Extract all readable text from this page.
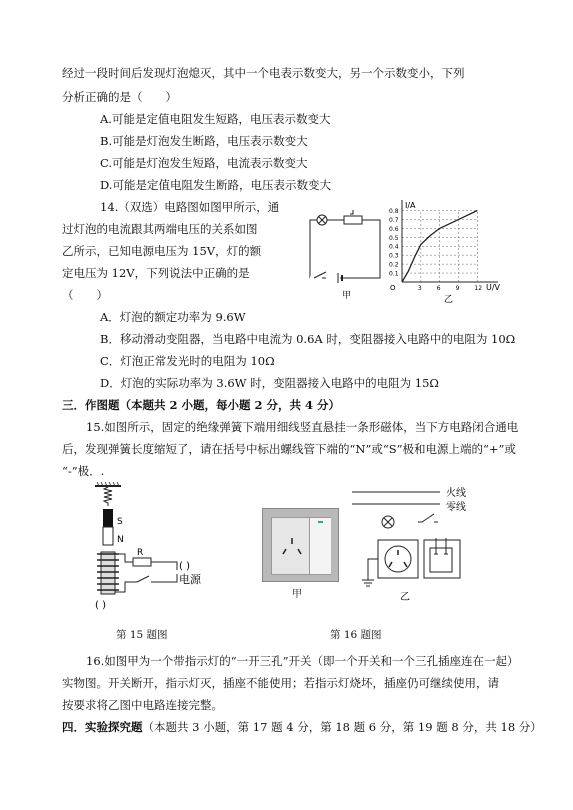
经过一段时间后发现灯泡熄灭，其中一个电表示数变大，另一个示数变小，下列
分析正确的是（　　）
A.可能是定值电阻发生短路，电压表示数变大
B.可能是灯泡发生断路，电压表示数变大
C.可能是灯泡发生短路，电流表示数变大
D.可能是定值电阻发生断路，电压表示数变大
14.（双选）电路图如图甲所示，通
过灯泡的电流跟其两端电压的关系如图
乙所示，已知电源电压为 15V，灯的额
定电压为 12V，下列说法中正确的是
（　　）	甲
0.8
0.7
0.6
0.5
0.4
0.3
0.2
0.1
3	6	9	12
I/A
U/V
O
乙
A．灯泡的额定功率为 9.6W
B．移动滑动变阻器，当电路中电流为 0.6A 时，变阻器接入电路中的电阻为 10Ω
C．灯泡正常发光时的电阻为 10Ω
D．灯泡的实际功率为 3.6W 时，变阻器接入电路中的电阻为 15Ω
三．作图题（本题共 2 小题，每小题 2 分，共 4 分）
15.如图所示，固定的绝缘弹簧下端用细线竖直悬挂一条形磁体，当下方电路闭合通电
后，发现弹簧长度缩短了，请在括号中标出螺线管下端的“N”或“S”极和电源上端的“+”或
“-”极．.
S
N
R
( )
电源
( )
甲
火线
零线
乙
第 15 题图	第 16 题图
16.如图甲为一个带指示灯的“一开三孔”开关（即一个开关和一个三孔插座连在一起）
实物图。开关断开，指示灯灭，插座不能使用；若指示灯烧坏，插座仍可继续使用，请
按要求将乙图中电路连接完整。
四．实验探究题（本题共 3 小题，第 17 题 4 分，第 18 题 6 分，第 19 题 8 分，共 18 分）
